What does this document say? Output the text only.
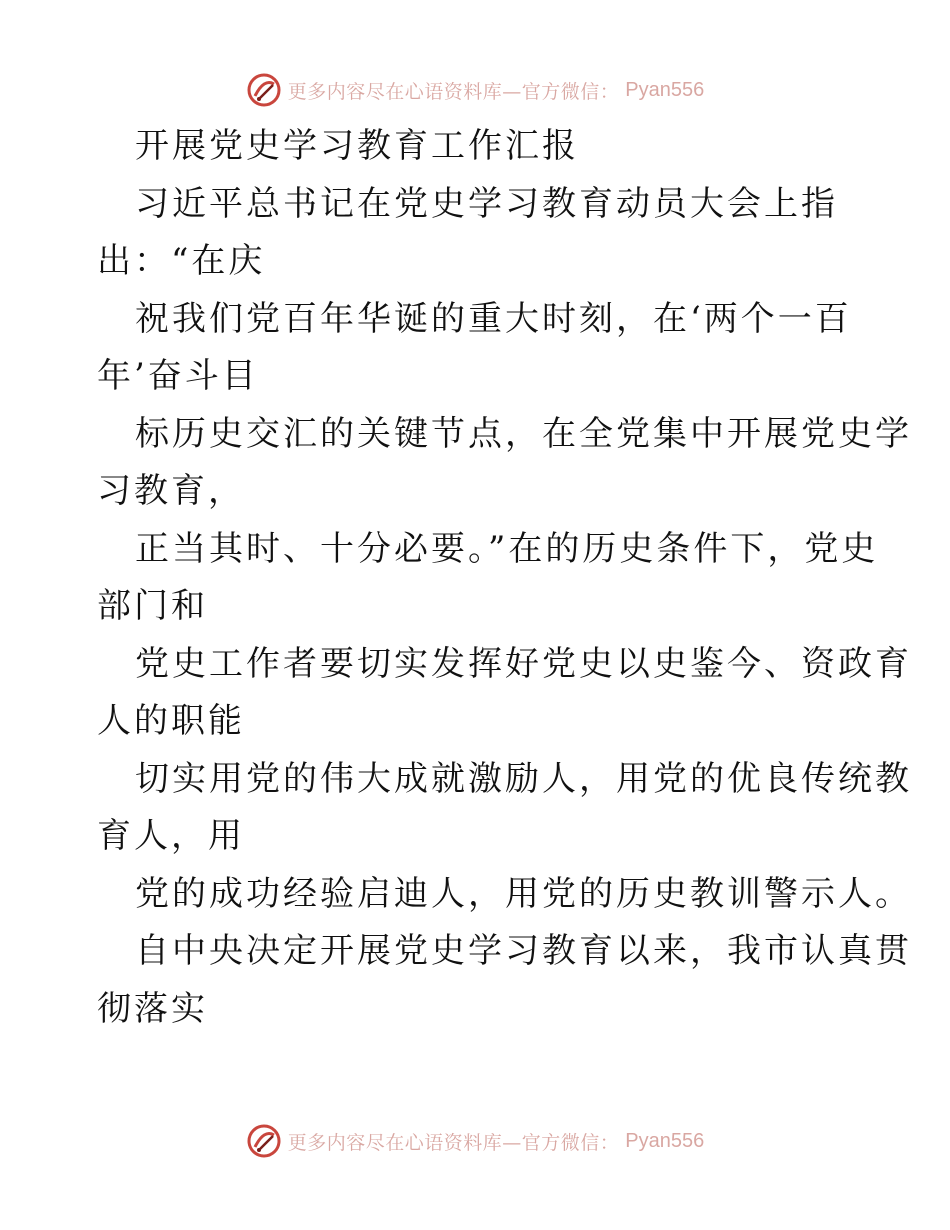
更多内容尽在心语资料库—官方微信： Pyan556
开展党史学习教育工作汇报
习近平总书记在党史学习教育动员大会上指
出：“在庆
祝我们党百年华诞的重大时刻，在‘两个一百
年’奋斗目
标历史交汇的关键节点，在全党集中开展党史学
习教育，
正当其时、十分必要。”在的历史条件下，党史
部门和
党史工作者要切实发挥好党史以史鉴今、资政育
人的职能
切实用党的伟大成就激励人，用党的优良传统教
育人，用
党的成功经验启迪人，用党的历史教训警示人。
自中央决定开展党史学习教育以来，我市认真贯
彻落实
更多内容尽在心语资料库—官方微信： Pyan556
